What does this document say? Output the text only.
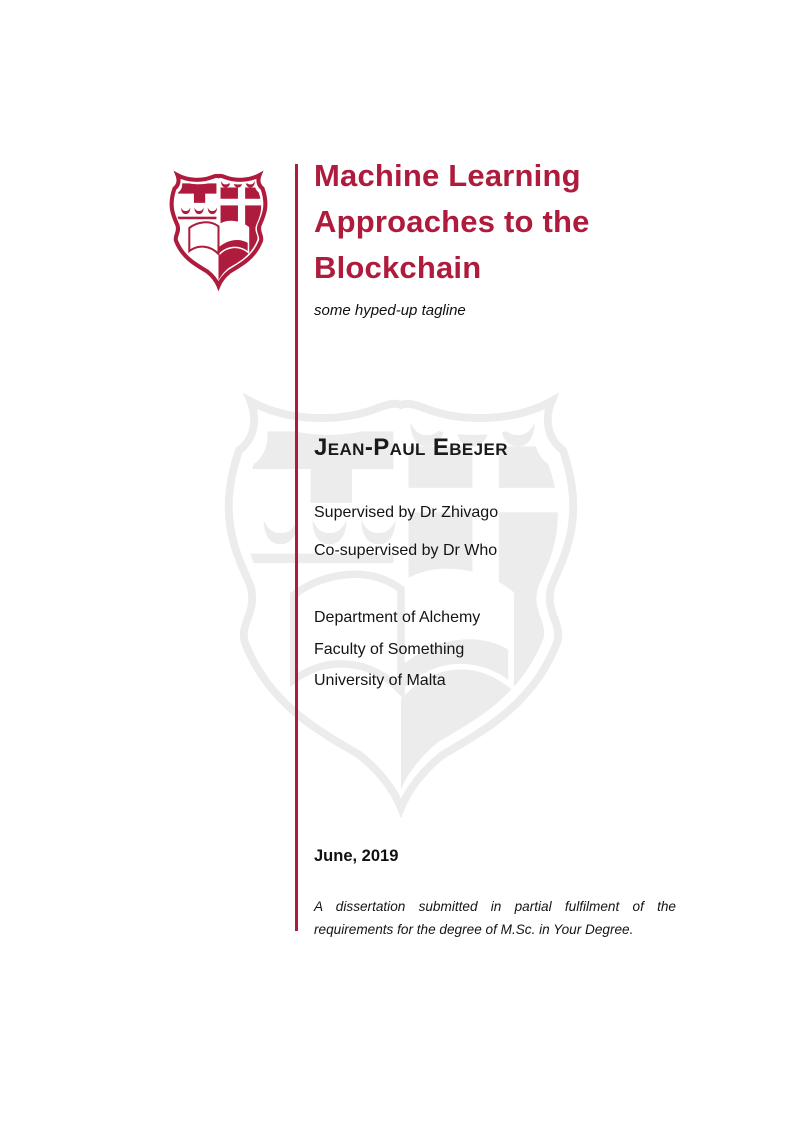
Machine Learning Approaches to the Blockchain
some hyped-up tagline
Jean-Paul Ebejer
Supervised by Dr Zhivago
Co-supervised by Dr Who
Department of Alchemy
Faculty of Something
University of Malta
June, 2019
A dissertation submitted in partial fulfilment of the requirements for the degree of M.Sc. in Your Degree.
